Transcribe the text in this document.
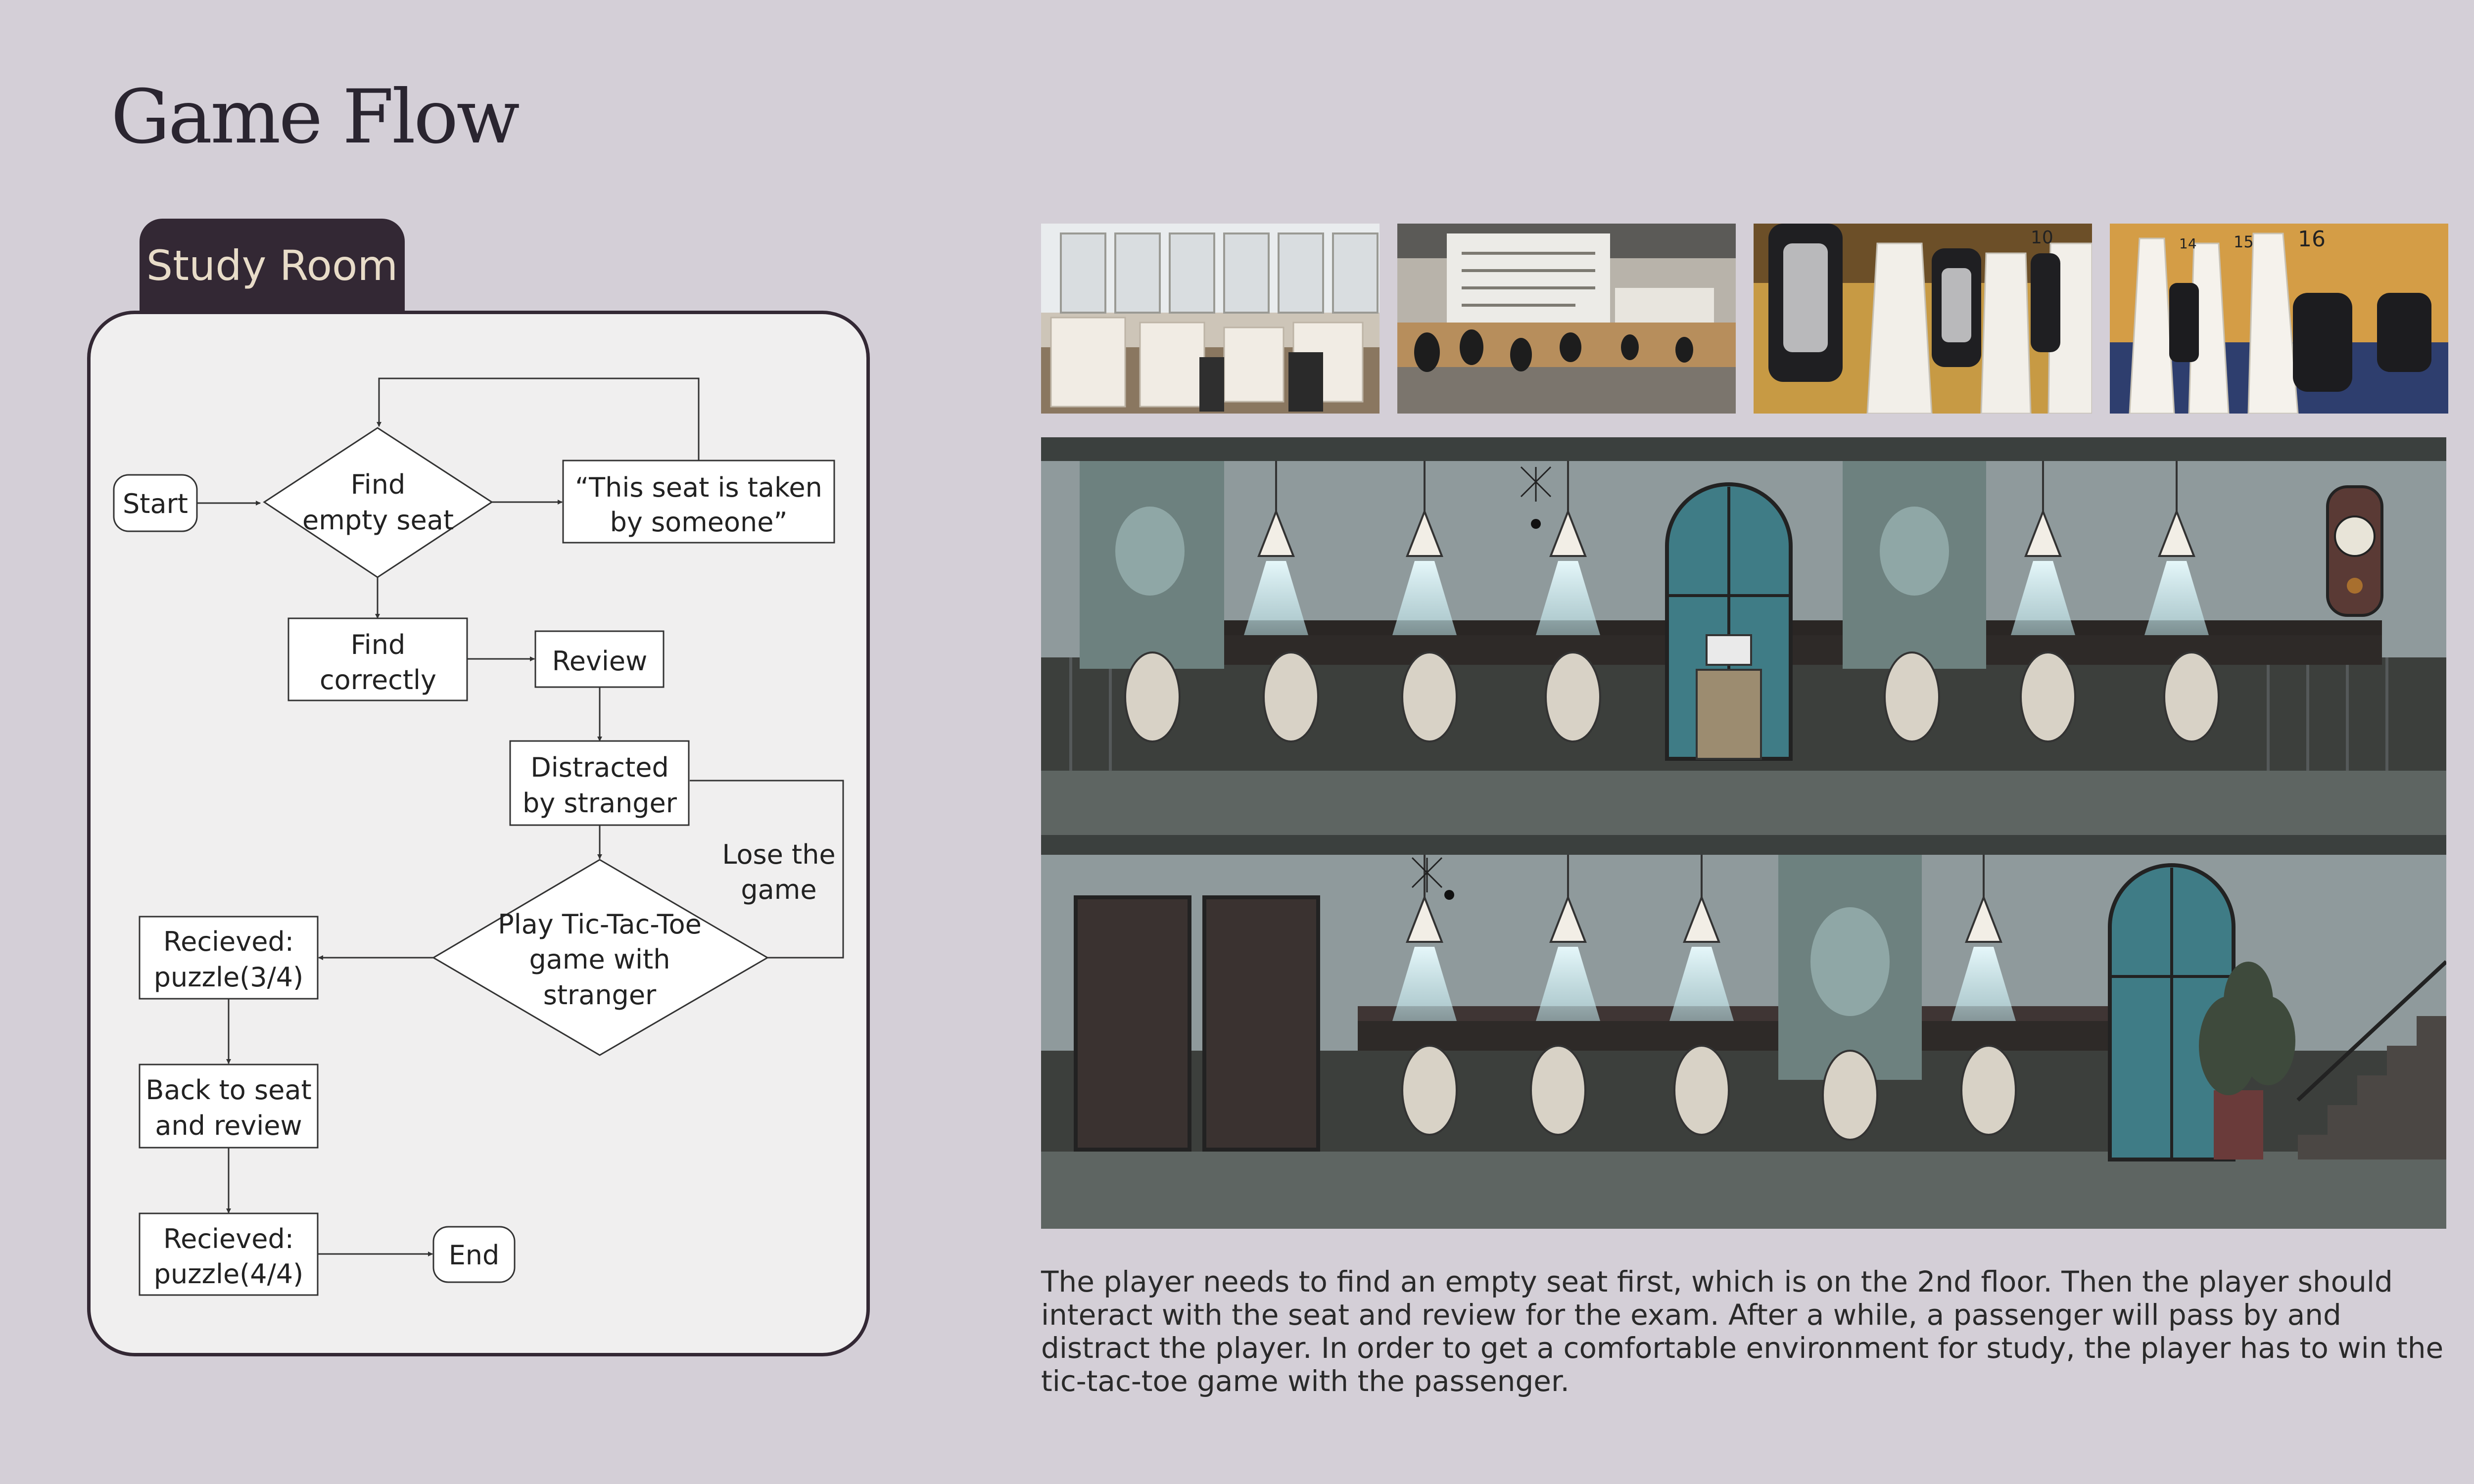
Game Flow
Study Room
Start
Find
empty seat
“This seat is taken
by someone”
Find
correctly
Review
Distracted
by stranger
Lose the
game
Play Tic-Tac-Toe
game with
stranger
Recieved:
puzzle(3/4)
Back to seat
and review
Recieved:
puzzle(4/4)
End
10	14 15 16
The player needs to find an empty seat first, which is on the 2nd floor. Then the player should interact with the seat and review for the exam. After a while, a passenger will pass by and distract the player. In order to get a comfortable environment for study, the player has to win the tic-tac-toe game with the passenger.
